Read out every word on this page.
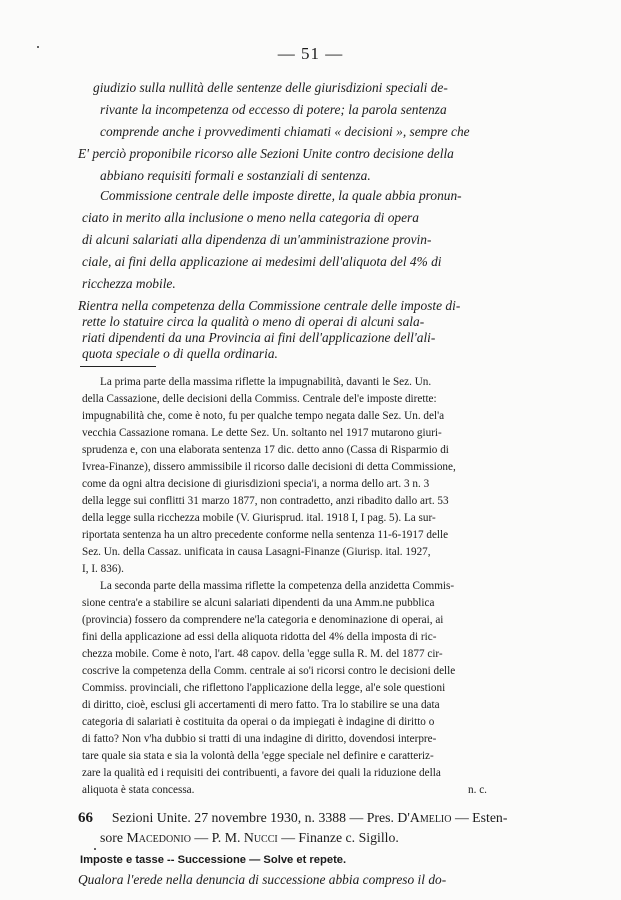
— 51 —
giudizio sulla nullità delle sentenze delle giurisdizioni speciali de-
rivante la incompetenza od eccesso di potere; la parola sentenza
comprende anche i provvedimenti chiamati « decisioni », sempre che
E' perciò proponibile ricorso alle Sezioni Unite contro decisione della
abbiano requisiti formali e sostanziali di sentenza.
Commissione centrale delle imposte dirette, la quale abbia pronun-
ciato in merito alla inclusione o meno nella categoria di opera
di alcuni salariati alla dipendenza di un'amministrazione provin-
ciale, ai fini della applicazione ai medesimi dell'aliquota del 4% di
ricchezza mobile.
Rientra nella competenza della Commissione centrale delle imposte di-
rette lo statuire circa la qualità o meno di operai di alcuni sala-
riati dipendenti da una Provincia ai fini dell'applicazione dell'ali-
quota speciale o di quella ordinaria.
La prima parte della massima riflette la impugnabilità, davanti le Sez. Un.
della Cassazione, delle decisioni della Commiss. Centrale del'e imposte dirette:
impugnabilità che, come è noto, fu per qualche tempo negata dalle Sez. Un. del'a
vecchia Cassazione romana. Le dette Sez. Un. soltanto nel 1917 mutarono giuri-
sprudenza e, con una elaborata sentenza 17 dic. detto anno (Cassa di Risparmio di
Ivrea-Finanze), dissero ammissibile il ricorso dalle decisioni di detta Commissione,
come da ogni altra decisione di giurisdizioni specia'i, a norma dello art. 3 n. 3
della legge sui conflitti 31 marzo 1877, non contradetto, anzi ribadito dallo art. 53
della legge sulla ricchezza mobile (V. Giurisprud. ital. 1918 I, I pag. 5). La sur-
riportata sentenza ha un altro precedente conforme nella sentenza 11-6-1917 delle
Sez. Un. della Cassaz. unificata in causa Lasagni-Finanze (Giurisp. ital. 1927,
I, I. 836).
La seconda parte della massima riflette la competenza della anzidetta Commis-
sione centra'e a stabilire se alcuni salariati dipendenti da una Amm.ne pubblica
(provincia) fossero da comprendere ne'la categoria e denominazione di operai, ai
fini della applicazione ad essi della aliquota ridotta del 4% della imposta di ric-
chezza mobile. Come è noto, l'art. 48 capov. della 'egge sulla R. M. del 1877 cir-
coscrive la competenza della Comm. centrale ai so'i ricorsi contro le decisioni delle
Commiss. provinciali, che riflettono l'applicazione della legge, al'e sole questioni
di diritto, cioè, esclusi gli accertamenti di mero fatto. Tra lo stabilire se una data
categoria di salariati è costituita da operai o da impiegati è indagine di diritto o
di fatto? Non v'ha dubbio si tratti di una indagine di diritto, dovendosi interpre-
tare quale sia stata e sia la volontà della 'egge speciale nel definire e caratteriz-
zare la qualità ed i requisiti dei contribuenti, a favore dei quali la riduzione della
aliquota è stata concessa.	n. c.
66 Sezioni Unite. 27 novembre 1930, n. 3388 — Pres. D'Amelio — Esten-
sore Macedonio — P. M. Nucci — Finanze c. Sigillo.
Imposte e tasse -- Successione — Solve et repete.
Qualora l'erede nella denuncia di successione abbia compreso il do-
